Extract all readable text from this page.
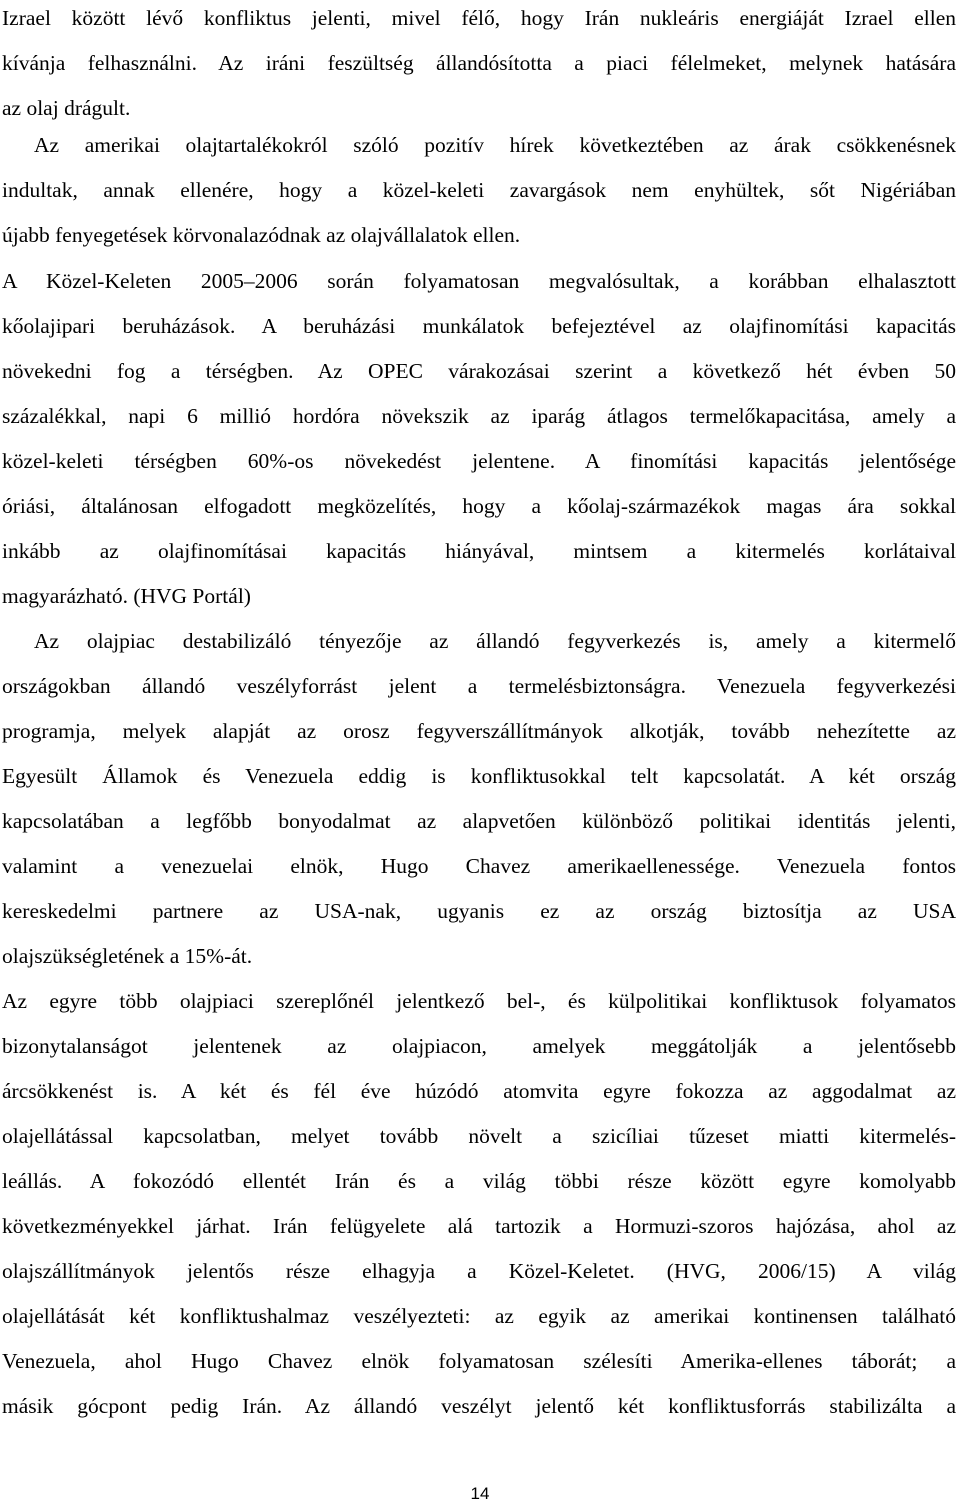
Izrael között lévő konfliktus jelenti, mivel félő, hogy Irán nukleáris energiáját Izrael ellen
kívánja felhasználni. Az iráni feszültség állandósította a piaci félelmeket, melynek hatására
az olaj drágult.
Az amerikai olajtartalékokról szóló pozitív hírek következtében az árak csökkenésnek
indultak, annak ellenére, hogy a közel-keleti zavargások nem enyhültek, sőt Nigériában
újabb fenyegetések körvonalazódnak az olajvállalatok ellen.
A Közel-Keleten 2005–2006 során folyamatosan megvalósultak, a korábban elhalasztott
kőolajipari beruházások. A beruházási munkálatok befejeztével az olajfinomítási kapacitás
növekedni fog a térségben. Az OPEC várakozásai szerint a következő hét évben 50
százalékkal, napi 6 millió hordóra növekszik az iparág átlagos termelőkapacitása, amely a
közel-keleti térségben 60%-os növekedést jelentene. A finomítási kapacitás jelentősége
óriási, általánosan elfogadott megközelítés, hogy a kőolaj-származékok magas ára sokkal
inkább az olajfinomításai kapacitás hiányával, mintsem a kitermelés korlátaival
magyarázható. (HVG Portál)
Az olajpiac destabilizáló tényezője az állandó fegyverkezés is, amely a kitermelő
országokban állandó veszélyforrást jelent a termelésbiztonságra. Venezuela fegyverkezési
programja, melyek alapját az orosz fegyverszállítmányok alkotják, tovább nehezítette az
Egyesült Államok és Venezuela eddig is konfliktusokkal telt kapcsolatát. A két ország
kapcsolatában a legfőbb bonyodalmat az alapvetően különböző politikai identitás jelenti,
valamint a venezuelai elnök, Hugo Chavez amerikaellenessége. Venezuela fontos
kereskedelmi partnere az USA-nak, ugyanis ez az ország biztosítja az USA
olajszükségletének a 15%-át.
Az egyre több olajpiaci szereplőnél jelentkező bel-, és külpolitikai konfliktusok folyamatos
bizonytalanságot jelentenek az olajpiacon, amelyek meggátolják a jelentősebb
árcsökkenést is. A két és fél éve húzódó atomvita egyre fokozza az aggodalmat az
olajellátással kapcsolatban, melyet tovább növelt a szicíliai tűzeset miatti kitermelés-
leállás. A fokozódó ellentét Irán és a világ többi része között egyre komolyabb
következményekkel járhat. Irán felügyelete alá tartozik a Hormuzi-szoros hajózása, ahol az
olajszállítmányok jelentős része elhagyja a Közel-Keletet. (HVG, 2006/15) A világ
olajellátását két konfliktushalmaz veszélyezteti: az egyik az amerikai kontinensen található
Venezuela, ahol Hugo Chavez elnök folyamatosan szélesíti Amerika-ellenes táborát; a
másik gócpont pedig Irán. Az állandó veszélyt jelentő két konfliktusforrás stabilizálta a
14
